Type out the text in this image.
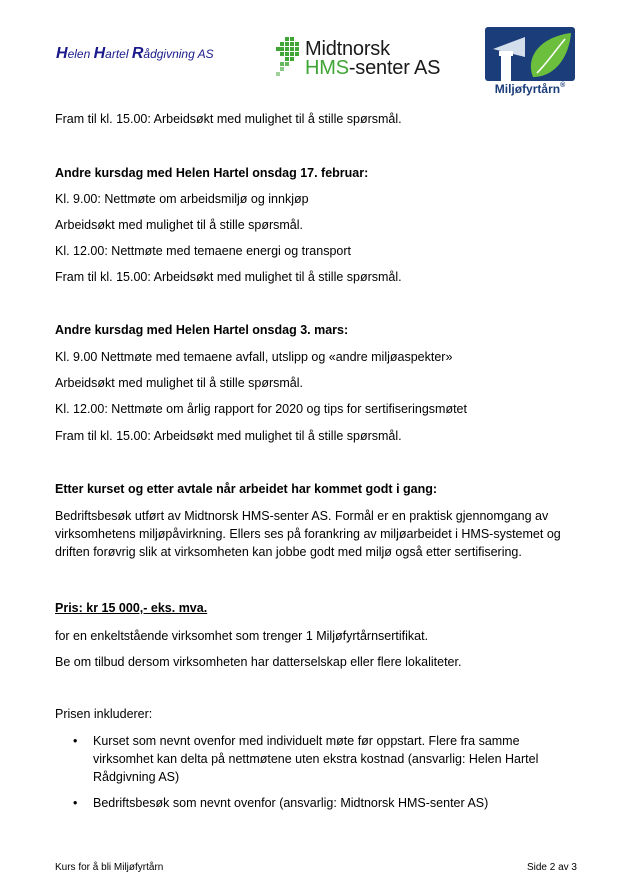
Helen Hartel Rådgivning AS	Midtnorsk
HMS-senter AS
Miljøfyrtårn®
Fram til kl. 15.00: Arbeidsøkt med mulighet til å stille spørsmål.
Andre kursdag med Helen Hartel onsdag 17. februar:
Kl. 9.00: Nettmøte om arbeidsmiljø og innkjøp
Arbeidsøkt med mulighet til å stille spørsmål.
Kl. 12.00: Nettmøte med temaene energi og transport
Fram til kl. 15.00: Arbeidsøkt med mulighet til å stille spørsmål.
Andre kursdag med Helen Hartel onsdag 3. mars:
Kl. 9.00 Nettmøte med temaene avfall, utslipp og «andre miljøaspekter»
Arbeidsøkt med mulighet til å stille spørsmål.
Kl. 12.00: Nettmøte om årlig rapport for 2020 og tips for sertifiseringsmøtet
Fram til kl. 15.00: Arbeidsøkt med mulighet til å stille spørsmål.
Etter kurset og etter avtale når arbeidet har kommet godt i gang:
Bedriftsbesøk utført av Midtnorsk HMS-senter AS. Formål er en praktisk gjennomgang av virksomhetens miljøpåvirkning. Ellers ses på forankring av miljøarbeidet i HMS-systemet og driften forøvrig slik at virksomheten kan jobbe godt med miljø også etter sertifisering.
Pris: kr 15 000,- eks. mva.
for en enkeltstående virksomhet som trenger 1 Miljøfyrtårnsertifikat.
Be om tilbud dersom virksomheten har datterselskap eller flere lokaliteter.
Prisen inkluderer:
• Kurset som nevnt ovenfor med individuelt møte før oppstart. Flere fra samme virksomhet kan delta på nettmøtene uten ekstra kostnad (ansvarlig: Helen Hartel Rådgivning AS)
• Bedriftsbesøk som nevnt ovenfor (ansvarlig: Midtnorsk HMS-senter AS)
Kurs for å bli Miljøfyrtårn	Side 2 av 3
